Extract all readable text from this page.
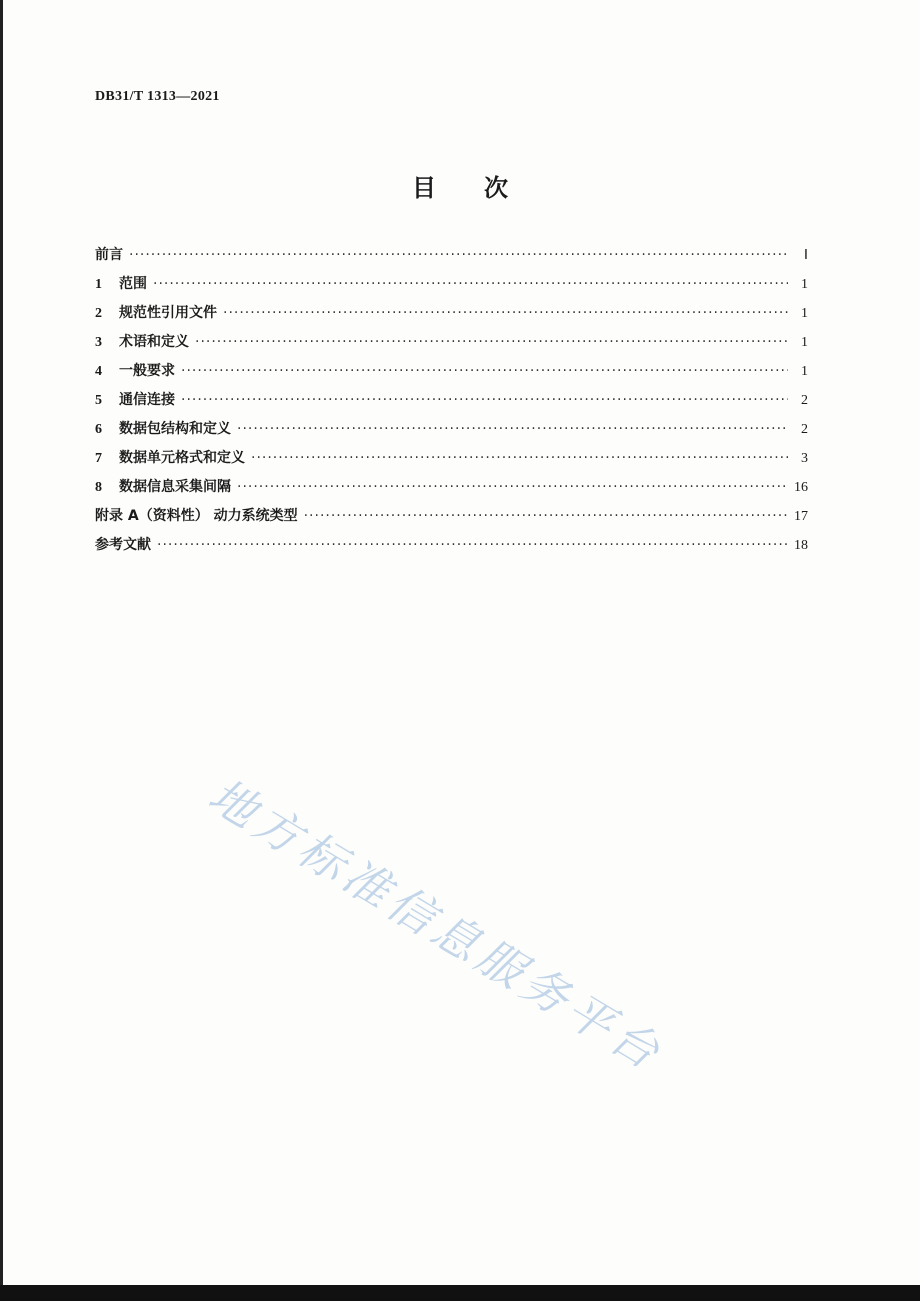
DB31/T 1313—2021
目 次
前言 ·····	Ⅰ
1	范围 ·····	1
2	规范性引用文件 ·····	1
3	术语和定义 ·····	1
4	一般要求 ·····	1
5	通信连接 ·····	2
6	数据包结构和定义 ·····	2
7	数据单元格式和定义 ·····	3
8	数据信息采集间隔 ·····	16
附录 A（资料性） 动力系统类型 ·····	17
参考文献 ·····	18
地方标准信息服务平台
